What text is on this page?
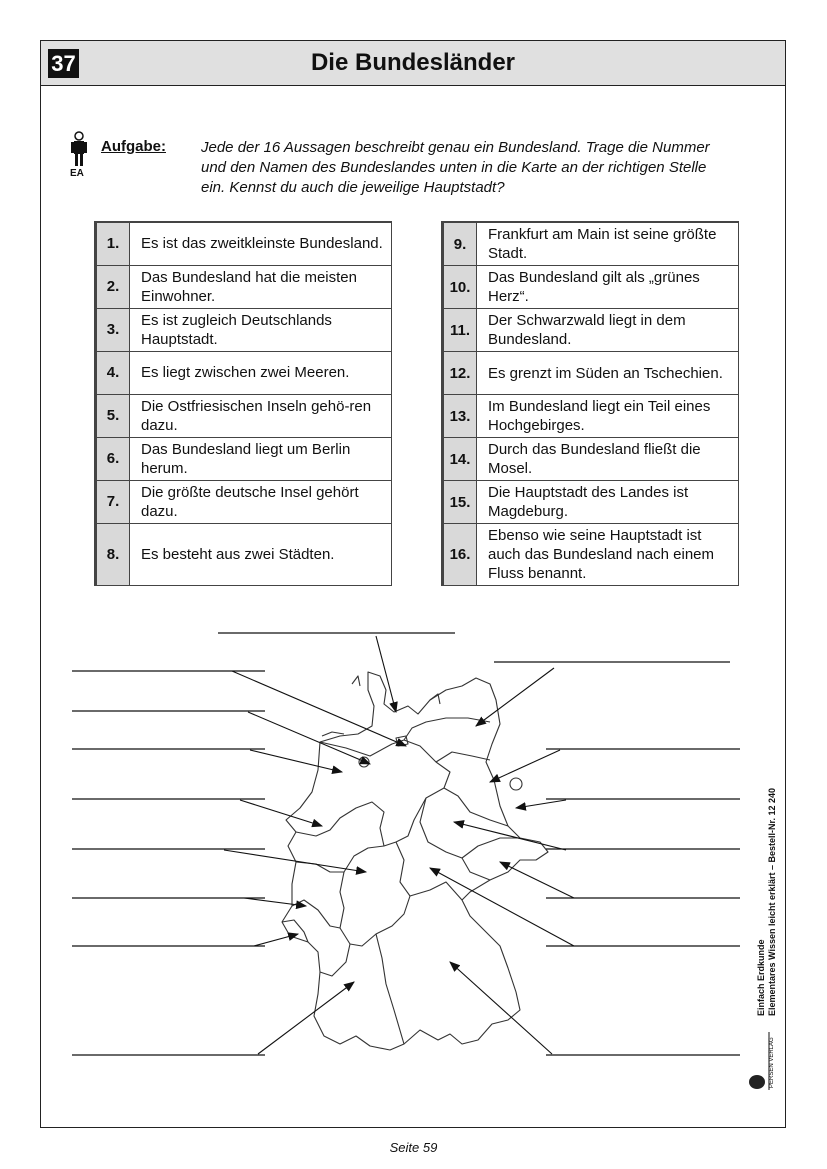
37	Die Bundesländer
EA
Aufgabe: Jede der 16 Aussagen beschreibt genau ein Bundesland. Trage die Nummer und den Namen des Bundeslandes unten in die Karte an der richtigen Stelle ein. Kennst du auch die jeweilige Hauptstadt?
1.	Es ist das zweitkleinste Bundesland.
2.	Das Bundesland hat die meisten Einwohner.
3.	Es ist zugleich Deutschlands Hauptstadt.
4.	Es liegt zwischen zwei Meeren.
5.	Die Ostfriesischen Inseln gehö-ren dazu.
6.	Das Bundesland liegt um Berlin herum.
7.	Die größte deutsche Insel gehört dazu.
8.	Es besteht aus zwei Städten.
9.	Frankfurt am Main ist seine größte Stadt.
10.	Das Bundesland gilt als „grünes Herz“.
11.	Der Schwarzwald liegt in dem Bundesland.
12.	Es grenzt im Süden an Tschechien.
13.	Im Bundesland liegt ein Teil eines Hochgebirges.
14.	Durch das Bundesland fließt die Mosel.
15.	Die Hauptstadt des Landes ist Magdeburg.
16.	Ebenso wie seine Hauptstadt ist auch das Bundesland nach einem Fluss benannt.
Einfach Erdkunde Elementares Wissen leicht erklärt – Bestell-Nr. 12 240
PERSEN VERLAG
Seite 59
